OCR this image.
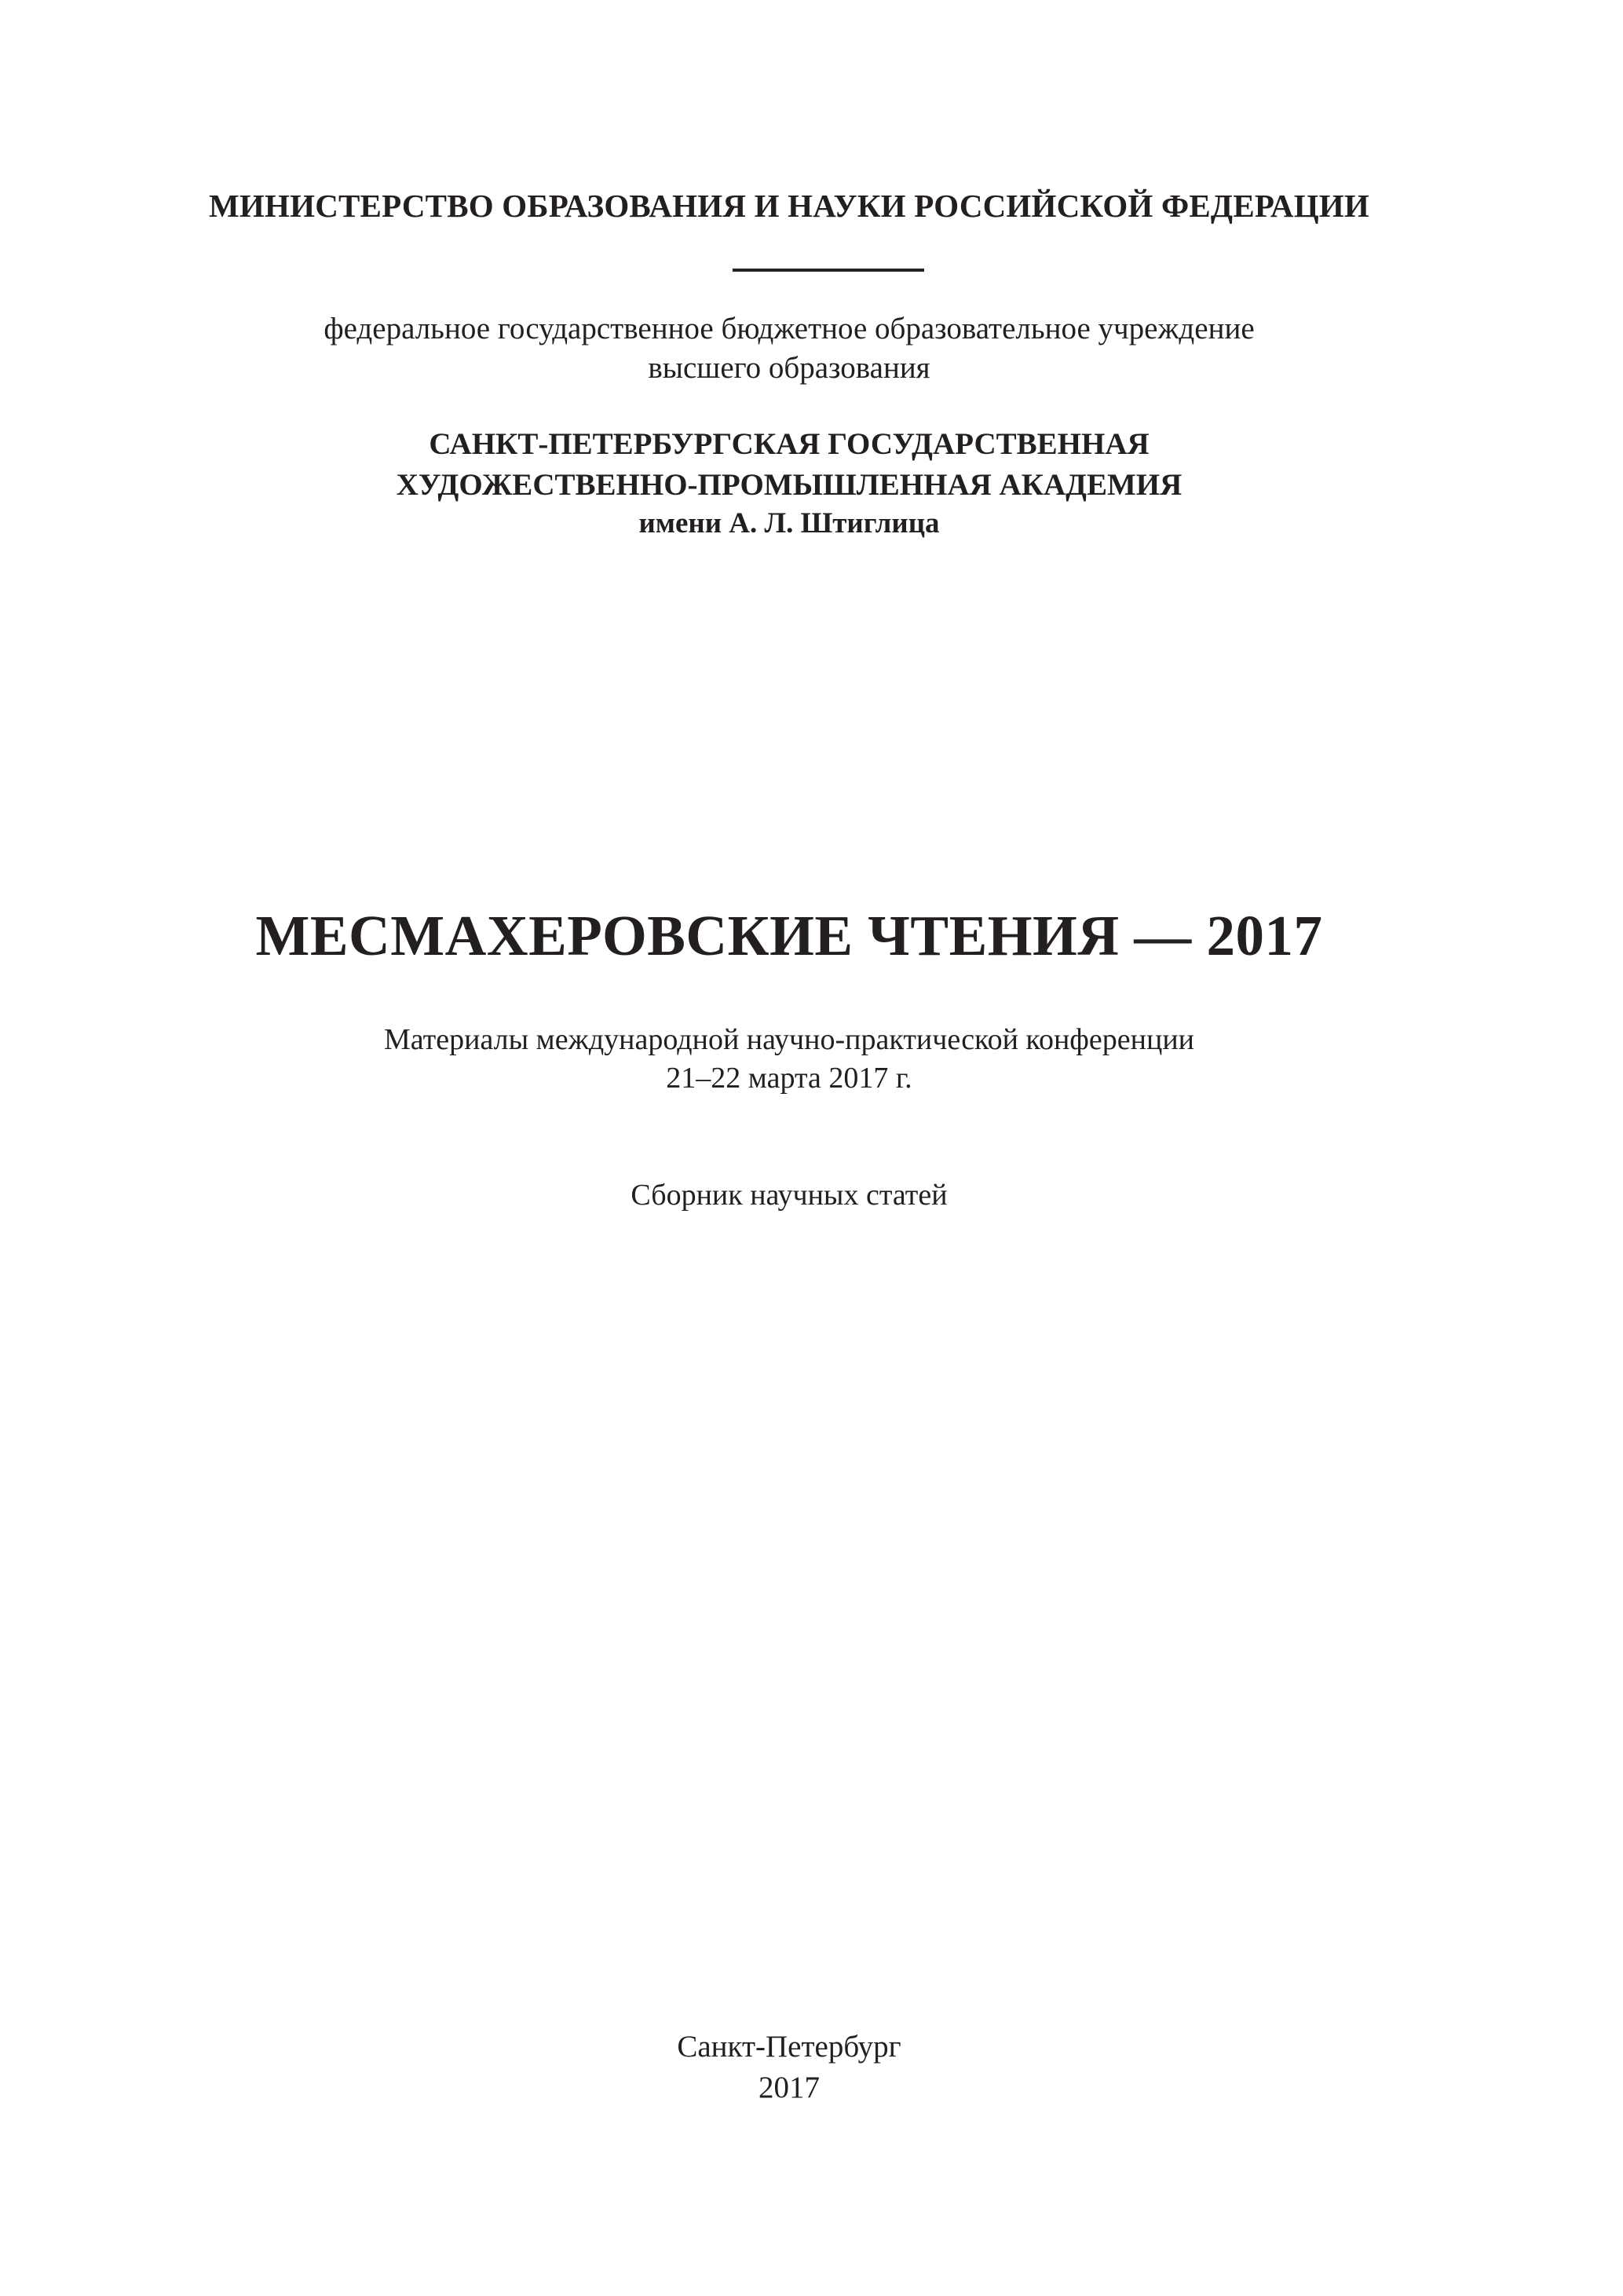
МИНИСТЕРСТВО ОБРАЗОВАНИЯ И НАУКИ РОССИЙСКОЙ ФЕДЕРАЦИИ
федеральное государственное бюджетное образовательное учреждение
высшего образования
САНКТ-ПЕТЕРБУРГСКАЯ ГОСУДАРСТВЕННАЯ
ХУДОЖЕСТВЕННО-ПРОМЫШЛЕННАЯ АКАДЕМИЯ
имени А. Л. Штиглица
МЕСМАХЕРОВСКИЕ ЧТЕНИЯ — 2017
Материалы международной научно-практической конференции
21–22 марта 2017 г.
Сборник научных статей
Санкт-Петербург
2017
